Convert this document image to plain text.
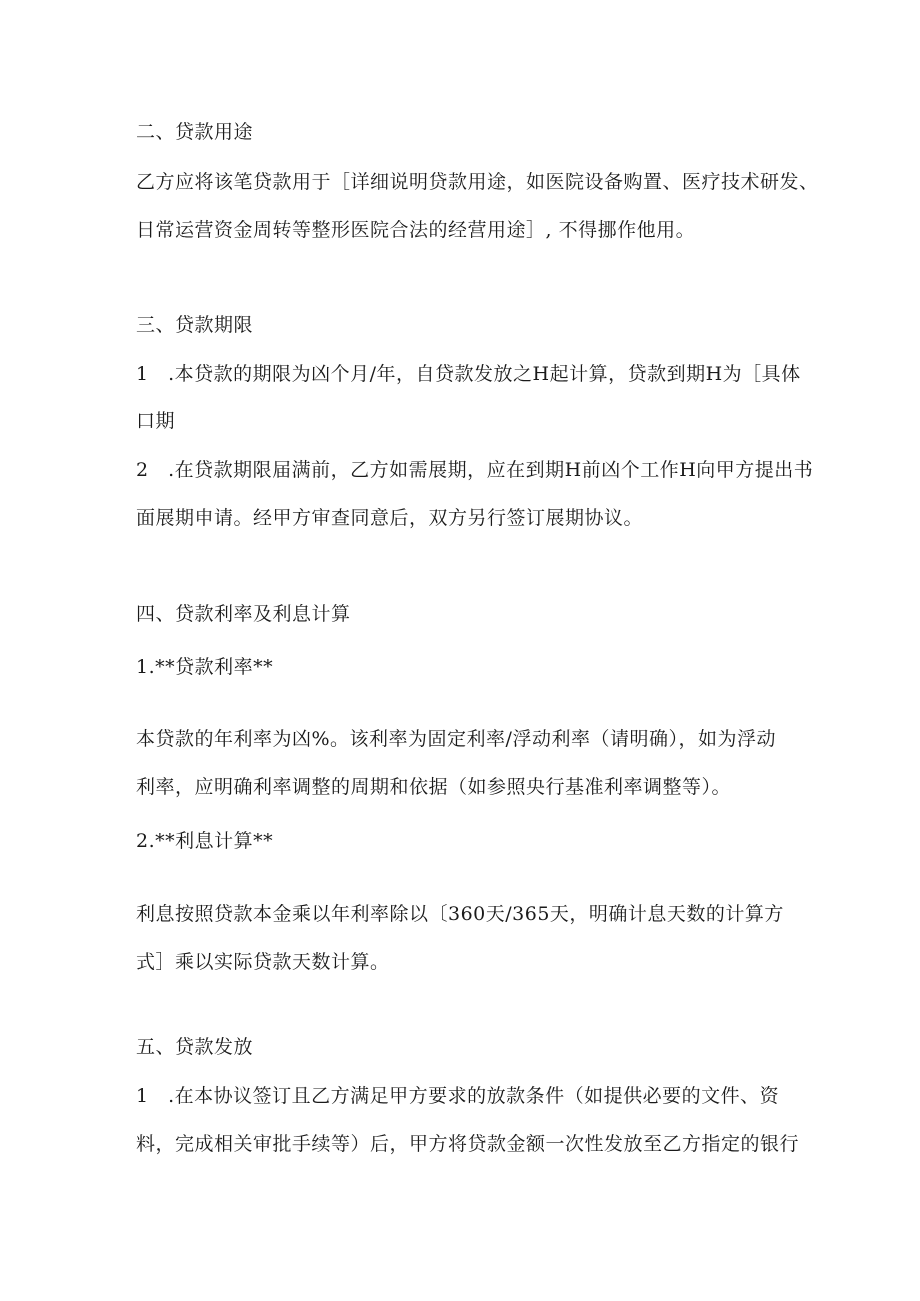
二、贷款用途
乙方应将该笔贷款用于［详细说明贷款用途，如医院设备购置、医疗技术研发、
日常运营资金周转等整形医院合法的经营用途］, 不得挪作他用。
三、贷款期限
1　.本贷款的期限为凶个月/年，自贷款发放之H起计算，贷款到期H为［具体
口期
2　.在贷款期限届满前，乙方如需展期，应在到期H前凶个工作H向甲方提出书
面展期申请。经甲方审查同意后，双方另行签订展期协议。
四、贷款利率及利息计算
1.**贷款利率**
本贷款的年利率为凶%。该利率为固定利率/浮动利率（请明确），如为浮动
利率，应明确利率调整的周期和依据（如参照央行基准利率调整等）。
2.**利息计算**
利息按照贷款本金乘以年利率除以〔360天/365天，明确计息天数的计算方
式］乘以实际贷款天数计算。
五、贷款发放
1　.在本协议签订且乙方满足甲方要求的放款条件（如提供必要的文件、资
料，完成相关审批手续等）后，甲方将贷款金额一次性发放至乙方指定的银行
